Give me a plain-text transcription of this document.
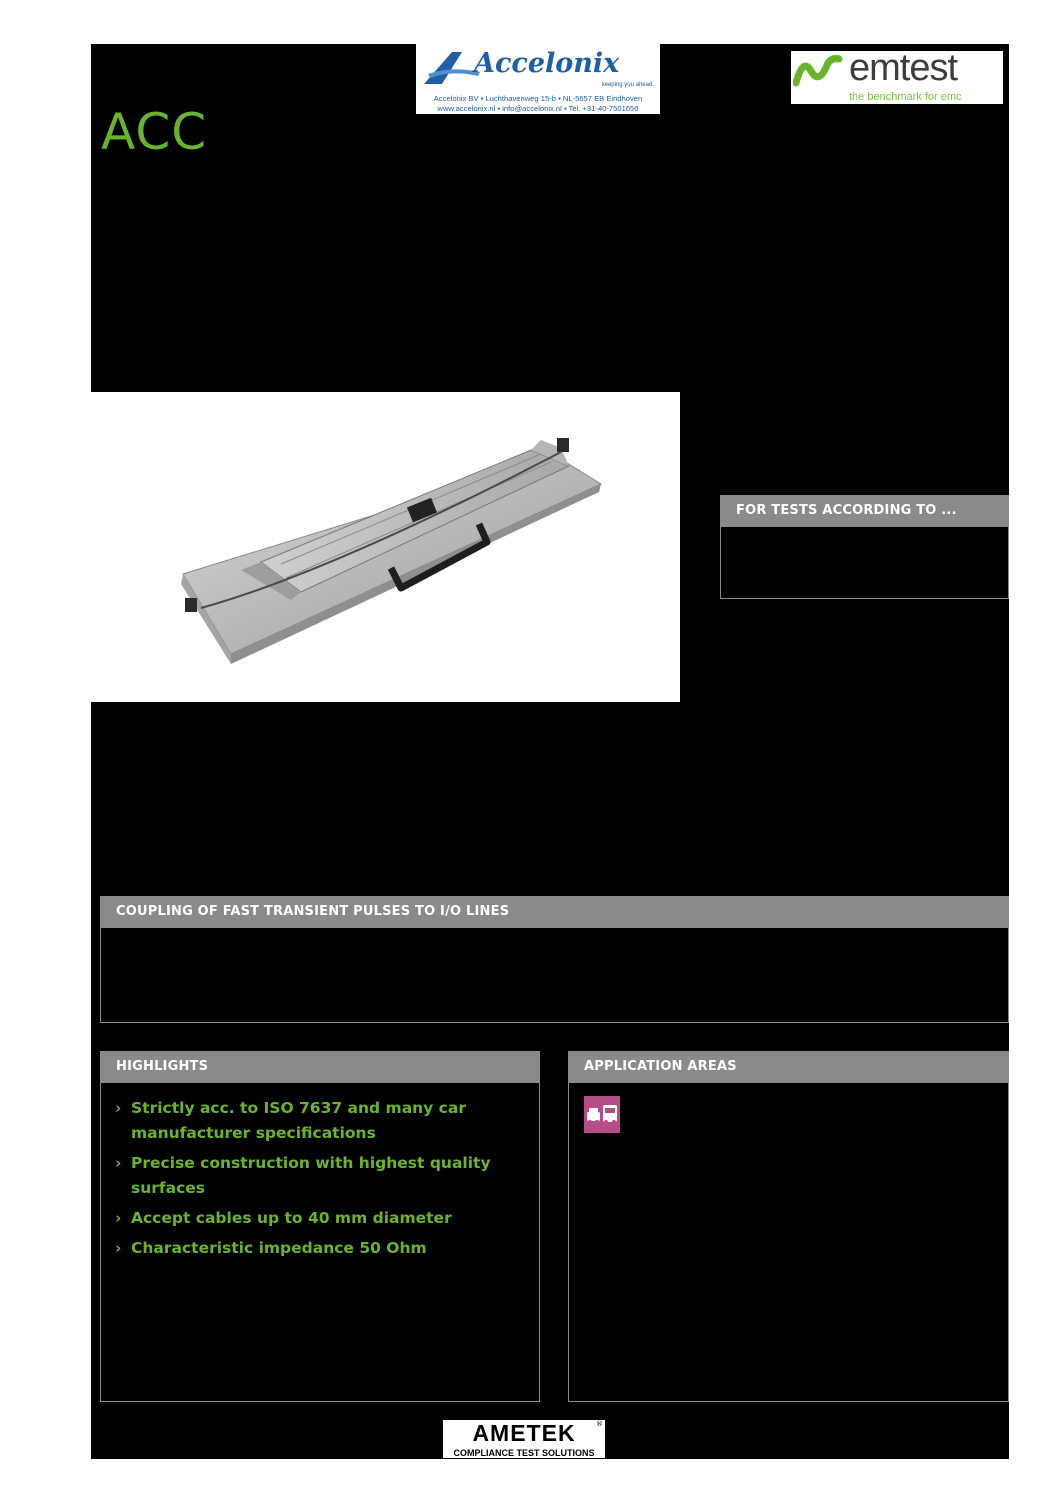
Accelonix
keeping you ahead.
Accelonix BV ▪ Luchthavenweg 15-b ▪ NL-5657 EB Eindhoven
www.accelonix.nl ▪ info@accelonix.nl ▪ Tel. +31-40-7501650
emtest
the benchmark for emc
ACC
FOR TESTS ACCORDING TO ...
COUPLING OF FAST TRANSIENT PULSES TO I/O LINES
HIGHLIGHTS
› Strictly acc. to ISO 7637 and many car manufacturer specifications
› Precise construction with highest quality surfaces
› Accept cables up to 40 mm diameter
› Characteristic impedance 50 Ohm
APPLICATION AREAS
AMETEK	®
COMPLIANCE TEST SOLUTIONS
